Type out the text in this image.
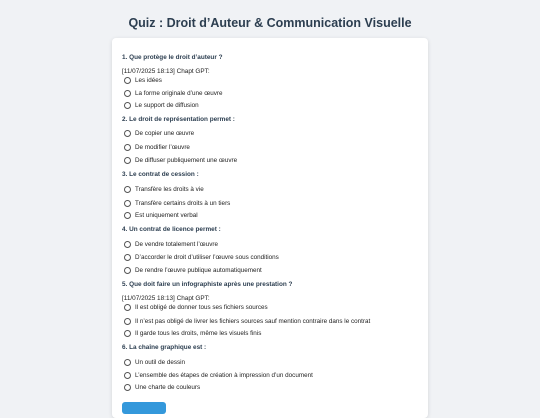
Quiz : Droit d’Auteur & Communication Visuelle
1. Que protège le droit d’auteur ?
[11/07/2025 18:13] Chapt GPT:
Les idées
La forme originale d’une œuvre
Le support de diffusion
2. Le droit de représentation permet :
De copier une œuvre
De modifier l’œuvre
De diffuser publiquement une œuvre
3. Le contrat de cession :
Transfère les droits à vie
Transfère certains droits à un tiers
Est uniquement verbal
4. Un contrat de licence permet :
De vendre totalement l’œuvre
D’accorder le droit d’utiliser l’œuvre sous conditions
De rendre l’œuvre publique automatiquement
5. Que doit faire un infographiste après une prestation ?
[11/07/2025 18:13] Chapt GPT:
Il est obligé de donner tous ses fichiers sources
Il n’est pas obligé de livrer les fichiers sources sauf mention contraire dans le contrat
Il garde tous les droits, même les visuels finis
6. La chaîne graphique est :
Un outil de dessin
L’ensemble des étapes de création à impression d’un document
Une charte de couleurs
